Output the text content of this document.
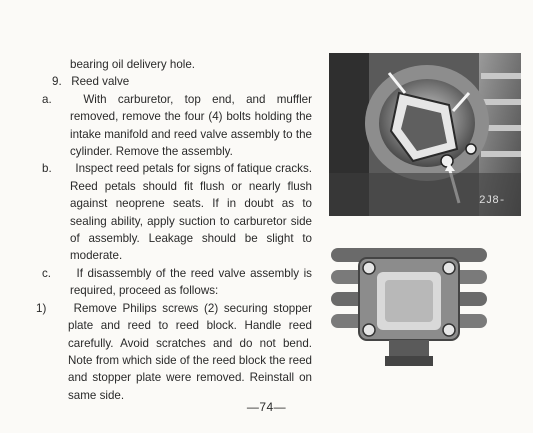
bearing oil delivery hole.

9. Reed valve

a.	With carburetor, top end, and muffler removed, remove the four (4) bolts holding the intake manifold and reed valve assembly to the cylinder. Remove the assembly.

b. Inspect reed petals for signs of fatique cracks. Reed petals should fit flush or nearly flush against neoprene seats. If in doubt as to sealing ability, apply suction to carburetor side of assembly. Leakage should be slight to moderate.

c. If disassembly of the reed valve assembly is required, proceed as follows:

1) Remove Philips screws (2) securing stopper plate and reed to reed block. Handle reed carefully. Avoid scratches and do not bend. Note from which side of the reed block the reed and stopper plate were removed. Reinstall on same side.

2J8-
—74—
